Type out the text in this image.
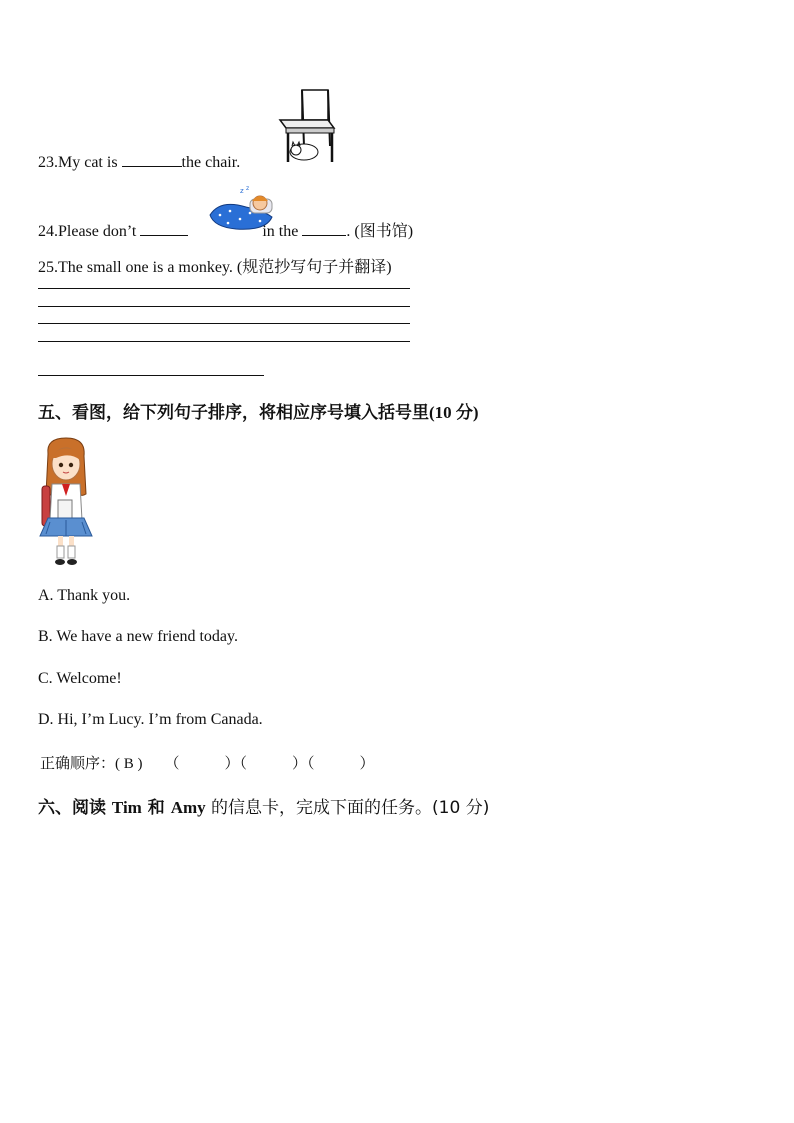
23.My cat is	the chair.
z z
24.Please don’t	in the	. (图书馆)
25.The small one is a monkey. (规范抄写句子并翻译)
五、看图，给下列句子排序，将相应序号填入括号里(10 分)
A. Thank you.
B. We have a new friend today.
C. Welcome!
D. Hi, I’m Lucy. I’m from Canada.
正确顺序：( B ) （　　　）（　　　）（　　　）
六、阅读 Tim 和 Amy 的信息卡，完成下面的任务。(10 分)
